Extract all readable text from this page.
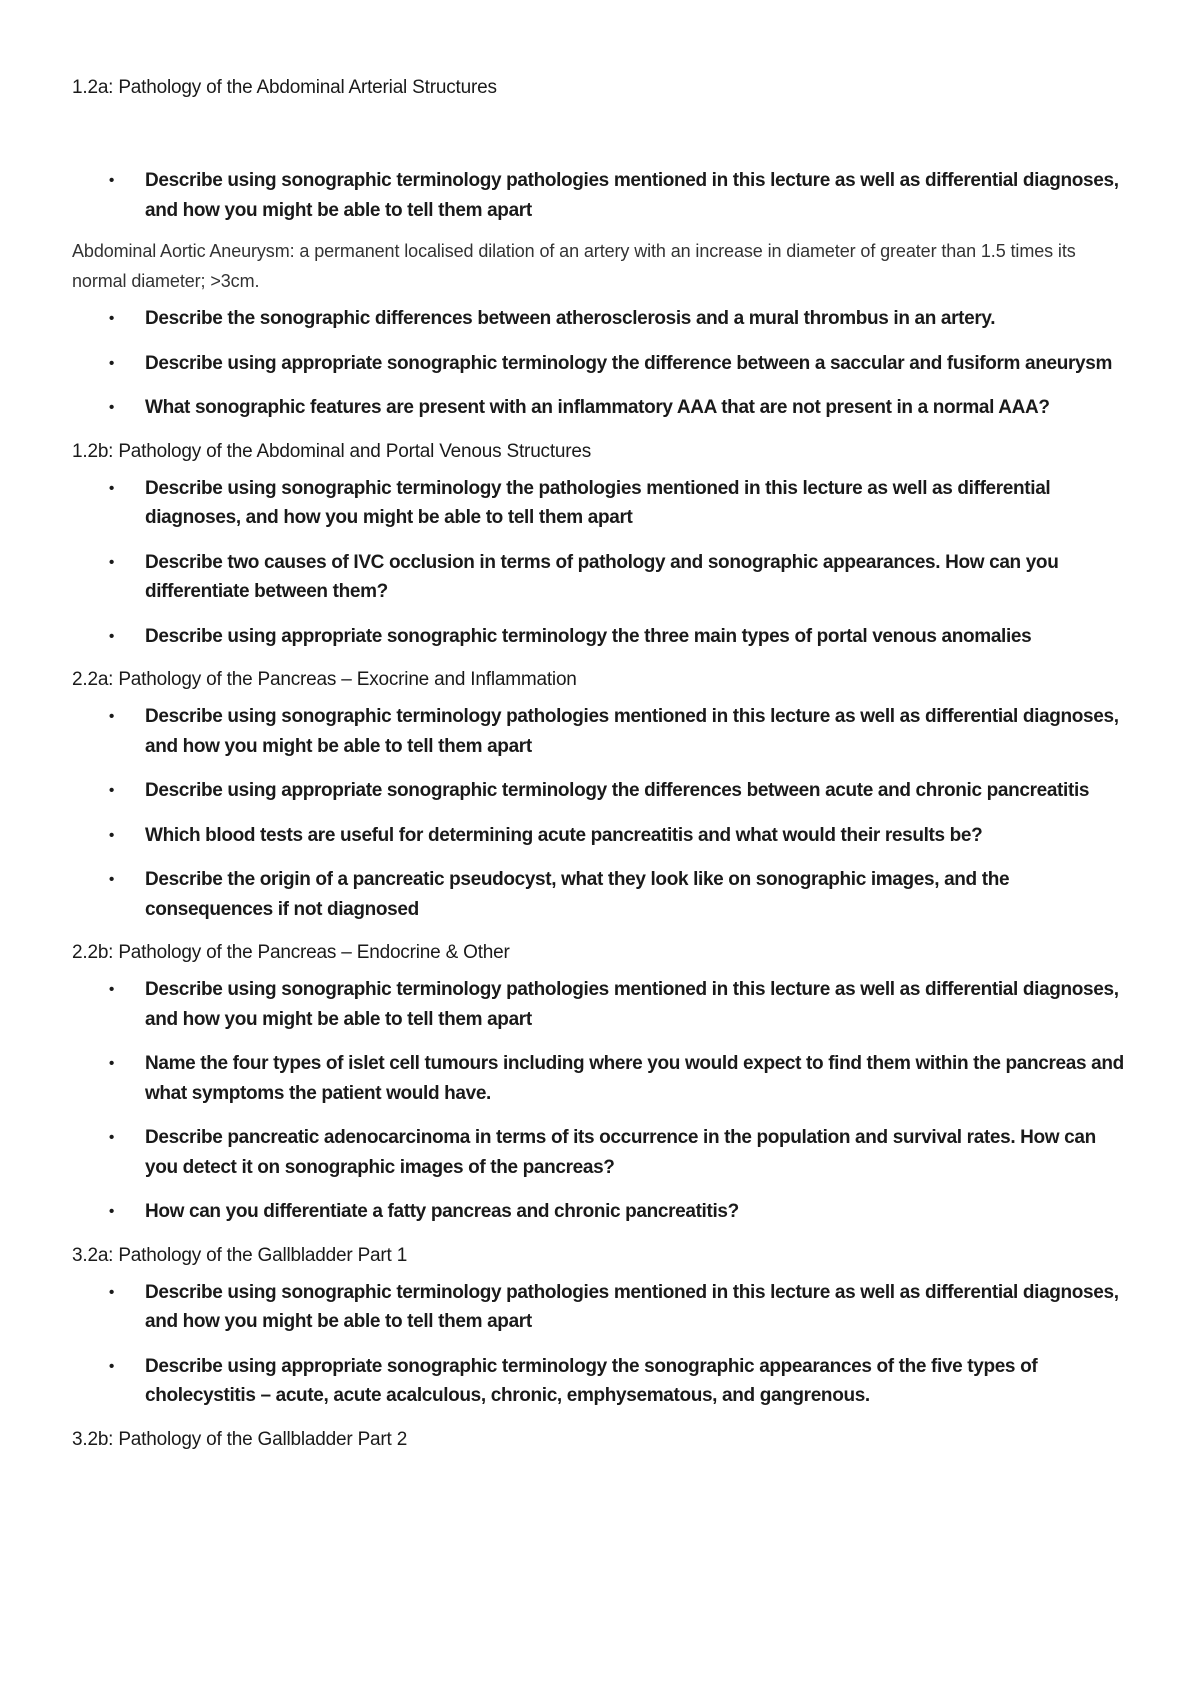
1.2a: Pathology of the Abdominal Arterial Structures
• Describe using sonographic terminology pathologies mentioned in this lecture as well as differential diagnoses, and how you might be able to tell them apart

Abdominal Aortic Aneurysm: a permanent localised dilation of an artery with an increase in diameter of greater than 1.5 times its normal diameter; >3cm.

• Describe the sonographic differences between atherosclerosis and a mural thrombus in an artery.
• Describe using appropriate sonographic terminology the difference between a saccular and fusiform aneurysm
• What sonographic features are present with an inflammatory AAA that are not present in a normal AAA?
1.2b: Pathology of the Abdominal and Portal Venous Structures
• Describe using sonographic terminology the pathologies mentioned in this lecture as well as differential diagnoses, and how you might be able to tell them apart
• Describe two causes of IVC occlusion in terms of pathology and sonographic appearances. How can you differentiate between them?
• Describe using appropriate sonographic terminology the three main types of portal venous anomalies
2.2a: Pathology of the Pancreas – Exocrine and Inflammation
• Describe using sonographic terminology pathologies mentioned in this lecture as well as differential diagnoses, and how you might be able to tell them apart
• Describe using appropriate sonographic terminology the differences between acute and chronic pancreatitis
• Which blood tests are useful for determining acute pancreatitis and what would their results be?
• Describe the origin of a pancreatic pseudocyst, what they look like on sonographic images, and the consequences if not diagnosed
2.2b: Pathology of the Pancreas – Endocrine & Other
• Describe using sonographic terminology pathologies mentioned in this lecture as well as differential diagnoses, and how you might be able to tell them apart
• Name the four types of islet cell tumours including where you would expect to find them within the pancreas and what symptoms the patient would have.
• Describe pancreatic adenocarcinoma in terms of its occurrence in the population and survival rates. How can you detect it on sonographic images of the pancreas?
• How can you differentiate a fatty pancreas and chronic pancreatitis?
3.2a: Pathology of the Gallbladder Part 1
• Describe using sonographic terminology pathologies mentioned in this lecture as well as differential diagnoses, and how you might be able to tell them apart
• Describe using appropriate sonographic terminology the sonographic appearances of the five types of cholecystitis – acute, acute acalculous, chronic, emphysematous, and gangrenous.
3.2b: Pathology of the Gallbladder Part 2
